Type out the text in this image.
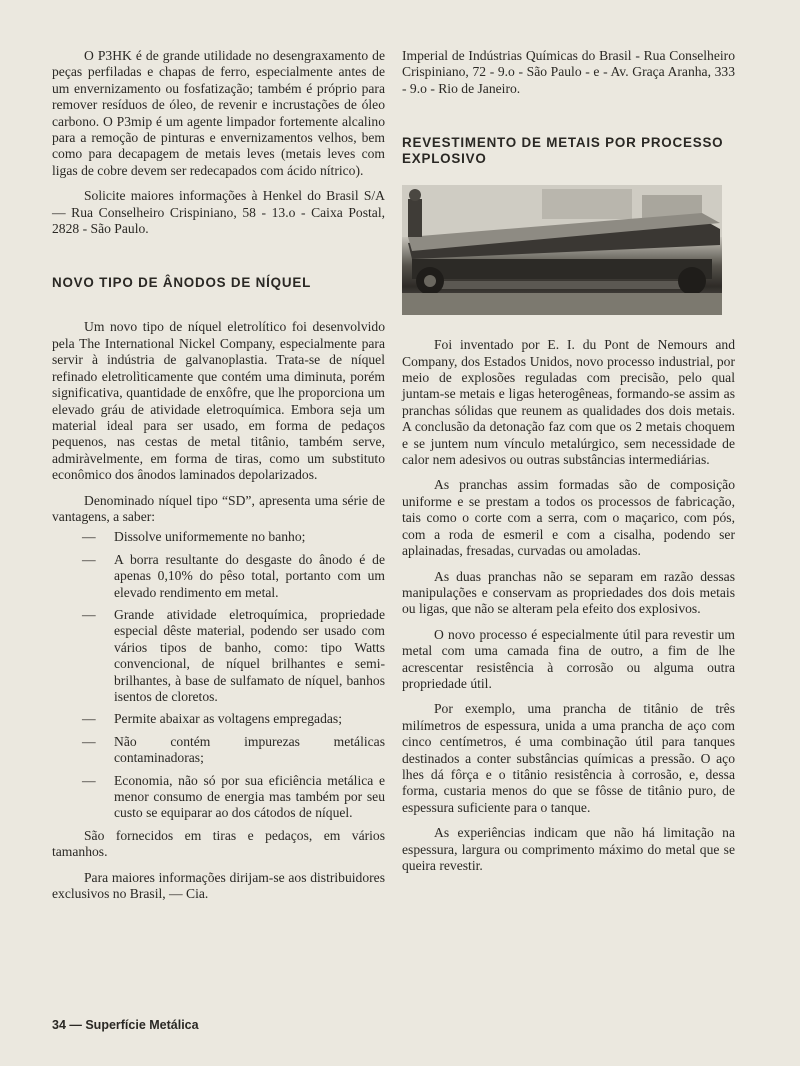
O P3HK é de grande utilidade no desengraxamento de peças perfiladas e chapas de ferro, especialmente antes de um envernizamento ou fosfatização; também é próprio para remover resíduos de óleo, de revenir e incrustações de óleo carbono. O P3mip é um agente limpador fortemente alcalino para a remoção de pinturas e envernizamentos velhos, bem como para decapagem de metais leves (metais leves com ligas de cobre devem ser redecapados com ácido nítrico).

Solicite maiores informações à Henkel do Brasil S/A — Rua Conselheiro Crispiniano, 58 - 13.o - Caixa Postal, 2828 - São Paulo.

NOVO TIPO DE ÂNODOS DE NÍQUEL

Um novo tipo de níquel eletrolítico foi desenvolvido pela The International Nickel Company, especialmente para servir à indústria de galvanoplastia. Trata-se de níquel refinado eletrolìticamente que contém uma diminuta, porém significativa, quantidade de enxôfre, que lhe proporciona um elevado gráu de atividade eletroquímica. Embora seja um material ideal para ser usado, em forma de pedaços pequenos, nas cestas de metal titânio, também serve, admiràvelmente, em forma de tiras, como um substituto econômico dos ânodos laminados depolarizados.

Denominado níquel tipo “SD”, apresenta uma série de vantagens, a saber:

— Dissolve uniformemente no banho;
— A borra resultante do desgaste do ânodo é de apenas 0,10% do pêso total, portanto com um elevado rendimento em metal.
— Grande atividade eletroquímica, propriedade especial dêste material, podendo ser usado com vários tipos de banho, como: tipo Watts convencional, de níquel brilhantes e semi-brilhantes, à base de sulfamato de níquel, banhos isentos de cloretos.
— Permite abaixar as voltagens empregadas;
— Não contém impurezas metálicas contaminadoras;
— Economia, não só por sua eficiência metálica e menor consumo de energia mas também por seu custo se equiparar ao dos cátodos de níquel.

São fornecidos em tiras e pedaços, em vários tamanhos.

Para maiores informações dirijam-se aos distribuidores exclusivos no Brasil, — Cia.

Imperial de Indústrias Químicas do Brasil - Rua Conselheiro Crispiniano, 72 - 9.o - São Paulo - e - Av. Graça Aranha, 333 - 9.o - Rio de Janeiro.

REVESTIMENTO DE METAIS POR PROCESSO EXPLOSIVO

Foi inventado por E. I. du Pont de Nemours and Company, dos Estados Unidos, novo processo industrial, por meio de explosões reguladas com precisão, pelo qual juntam-se metais e ligas heterogêneas, formando-se assim as pranchas sólidas que reunem as qualidades dos dois metais. A conclusão da detonação faz com que os 2 metais choquem e se juntem num vínculo metalúrgico, sem necessidade de calor nem adesivos ou outras substâncias intermediárias.

As pranchas assim formadas são de composição uniforme e se prestam a todos os processos de fabricação, tais como o corte com a serra, com o maçarico, com pós, com a roda de esmeril e com a cisalha, podendo ser aplainadas, fresadas, curvadas ou amoladas.

As duas pranchas não se separam em razão dessas manipulações e conservam as propriedades dos dois metais ou ligas, que não se alteram pela efeito dos explosivos.

O novo processo é especialmente útil para revestir um metal com uma camada fina de outro, a fim de lhe acrescentar resistência à corrosão ou alguma outra propriedade útil.

Por exemplo, uma prancha de titânio de três milímetros de espessura, unida a uma prancha de aço com cinco centímetros, é uma combinação útil para tanques destinados a conter substâncias químicas a pressão. O aço lhes dá fôrça e o titânio resistência à corrosão, e, dessa forma, custaria menos do que se fôsse de titânio puro, de espessura suficiente para o tanque.

As experiências indicam que não há limitação na espessura, largura ou comprimento máximo do metal que se queira revestir.

34 — Superfície Metálica
